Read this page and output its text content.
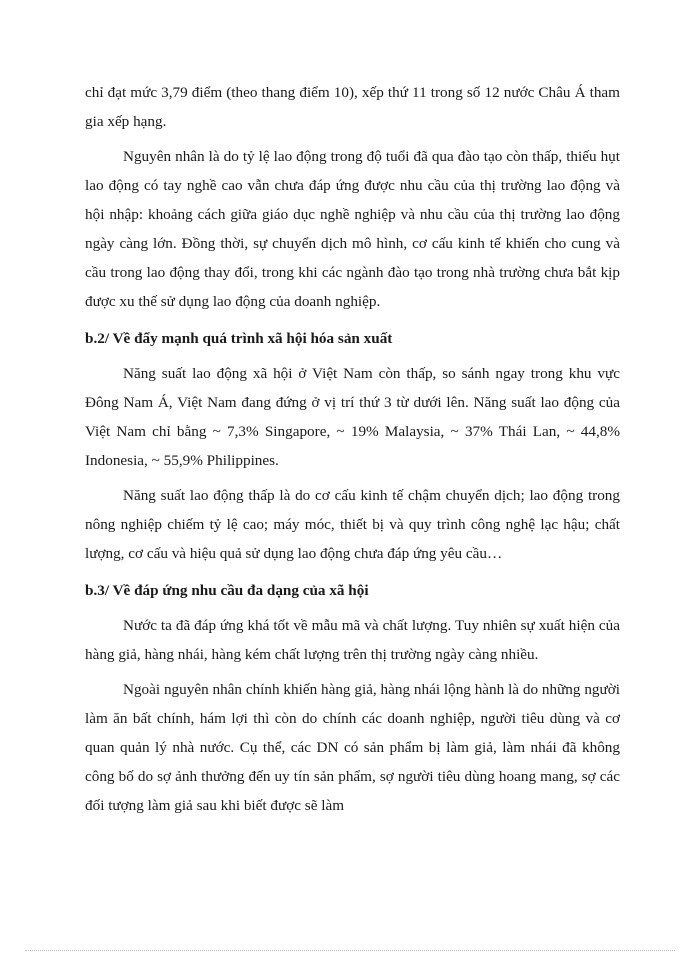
chỉ đạt mức 3,79 điểm (theo thang điểm 10), xếp thứ 11 trong số 12 nước Châu Á tham gia xếp hạng.

Nguyên nhân là do tỷ lệ lao động trong độ tuổi đã qua đào tạo còn thấp, thiếu hụt lao động có tay nghề cao vẫn chưa đáp ứng được nhu cầu của thị trường lao động và hội nhập: khoảng cách giữa giáo dục nghề nghiệp và nhu cầu của thị trường lao động ngày càng lớn. Đồng thời, sự chuyển dịch mô hình, cơ cấu kinh tế khiến cho cung và cầu trong lao động thay đổi, trong khi các ngành đào tạo trong nhà trường chưa bắt kịp được xu thế sử dụng lao động của doanh nghiệp.

b.2/ Về đẩy mạnh quá trình xã hội hóa sản xuất

Năng suất lao động xã hội ở Việt Nam còn thấp, so sánh ngay trong khu vực Đông Nam Á, Việt Nam đang đứng ở vị trí thứ 3 từ dưới lên. Năng suất lao động của Việt Nam chỉ bằng ~ 7,3% Singapore, ~ 19% Malaysia, ~ 37% Thái Lan, ~ 44,8% Indonesia, ~ 55,9% Philippines.

Năng suất lao động thấp là do cơ cấu kinh tế chậm chuyển dịch; lao động trong nông nghiệp chiếm tỷ lệ cao; máy móc, thiết bị và quy trình công nghệ lạc hậu; chất lượng, cơ cấu và hiệu quả sử dụng lao động chưa đáp ứng yêu cầu…

b.3/ Về đáp ứng nhu cầu đa dạng của xã hội

Nước ta đã đáp ứng khá tốt về mẫu mã và chất lượng. Tuy nhiên sự xuất hiện của hàng giả, hàng nhái, hàng kém chất lượng trên thị trường ngày càng nhiều.

Ngoài nguyên nhân chính khiến hàng giả, hàng nhái lộng hành là do những người làm ăn bất chính, hám lợi thì còn do chính các doanh nghiệp, người tiêu dùng và cơ quan quản lý nhà nước. Cụ thể, các DN có sản phẩm bị làm giả, làm nhái đã không công bố do sợ ảnh thưởng đến uy tín sản phẩm, sợ người tiêu dùng hoang mang, sợ các đối tượng làm giả sau khi biết được sẽ làm
